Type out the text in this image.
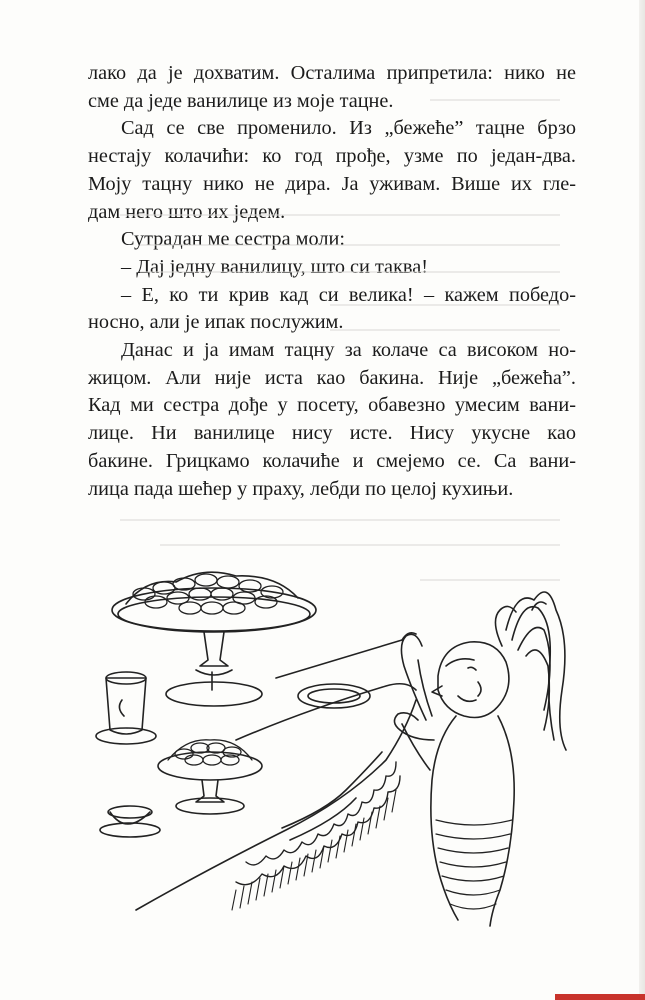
лако да је дохватим. Осталима припретила: нико не
сме да једе ванилице из моје тацне.

Сад се све променило. Из „бежеће” тацне брзо
нестају колачићи: ко год прође, узме по један-два.
Моју тацну нико не дира. Ја уживам. Више их гле-
дам него што их једем.

Сутрадан ме сестра моли:

– Дај једну ванилицу, што си таква!

– Е, ко ти крив кад си велика! – кажем победо-
носно, али је ипак послужим.

Данас и ја имам тацну за колаче са високом но-
жицом. Али није иста као бакина. Није „бежећа”.
Кад ми сестра дође у посету, обавезно умесим вани-
лице. Ни ванилице нису исте. Нису укусне као
бакине. Грицкамо колачиће и смејемо се. Са вани-
лица пада шећер у праху, лебди по целој кухињи.
